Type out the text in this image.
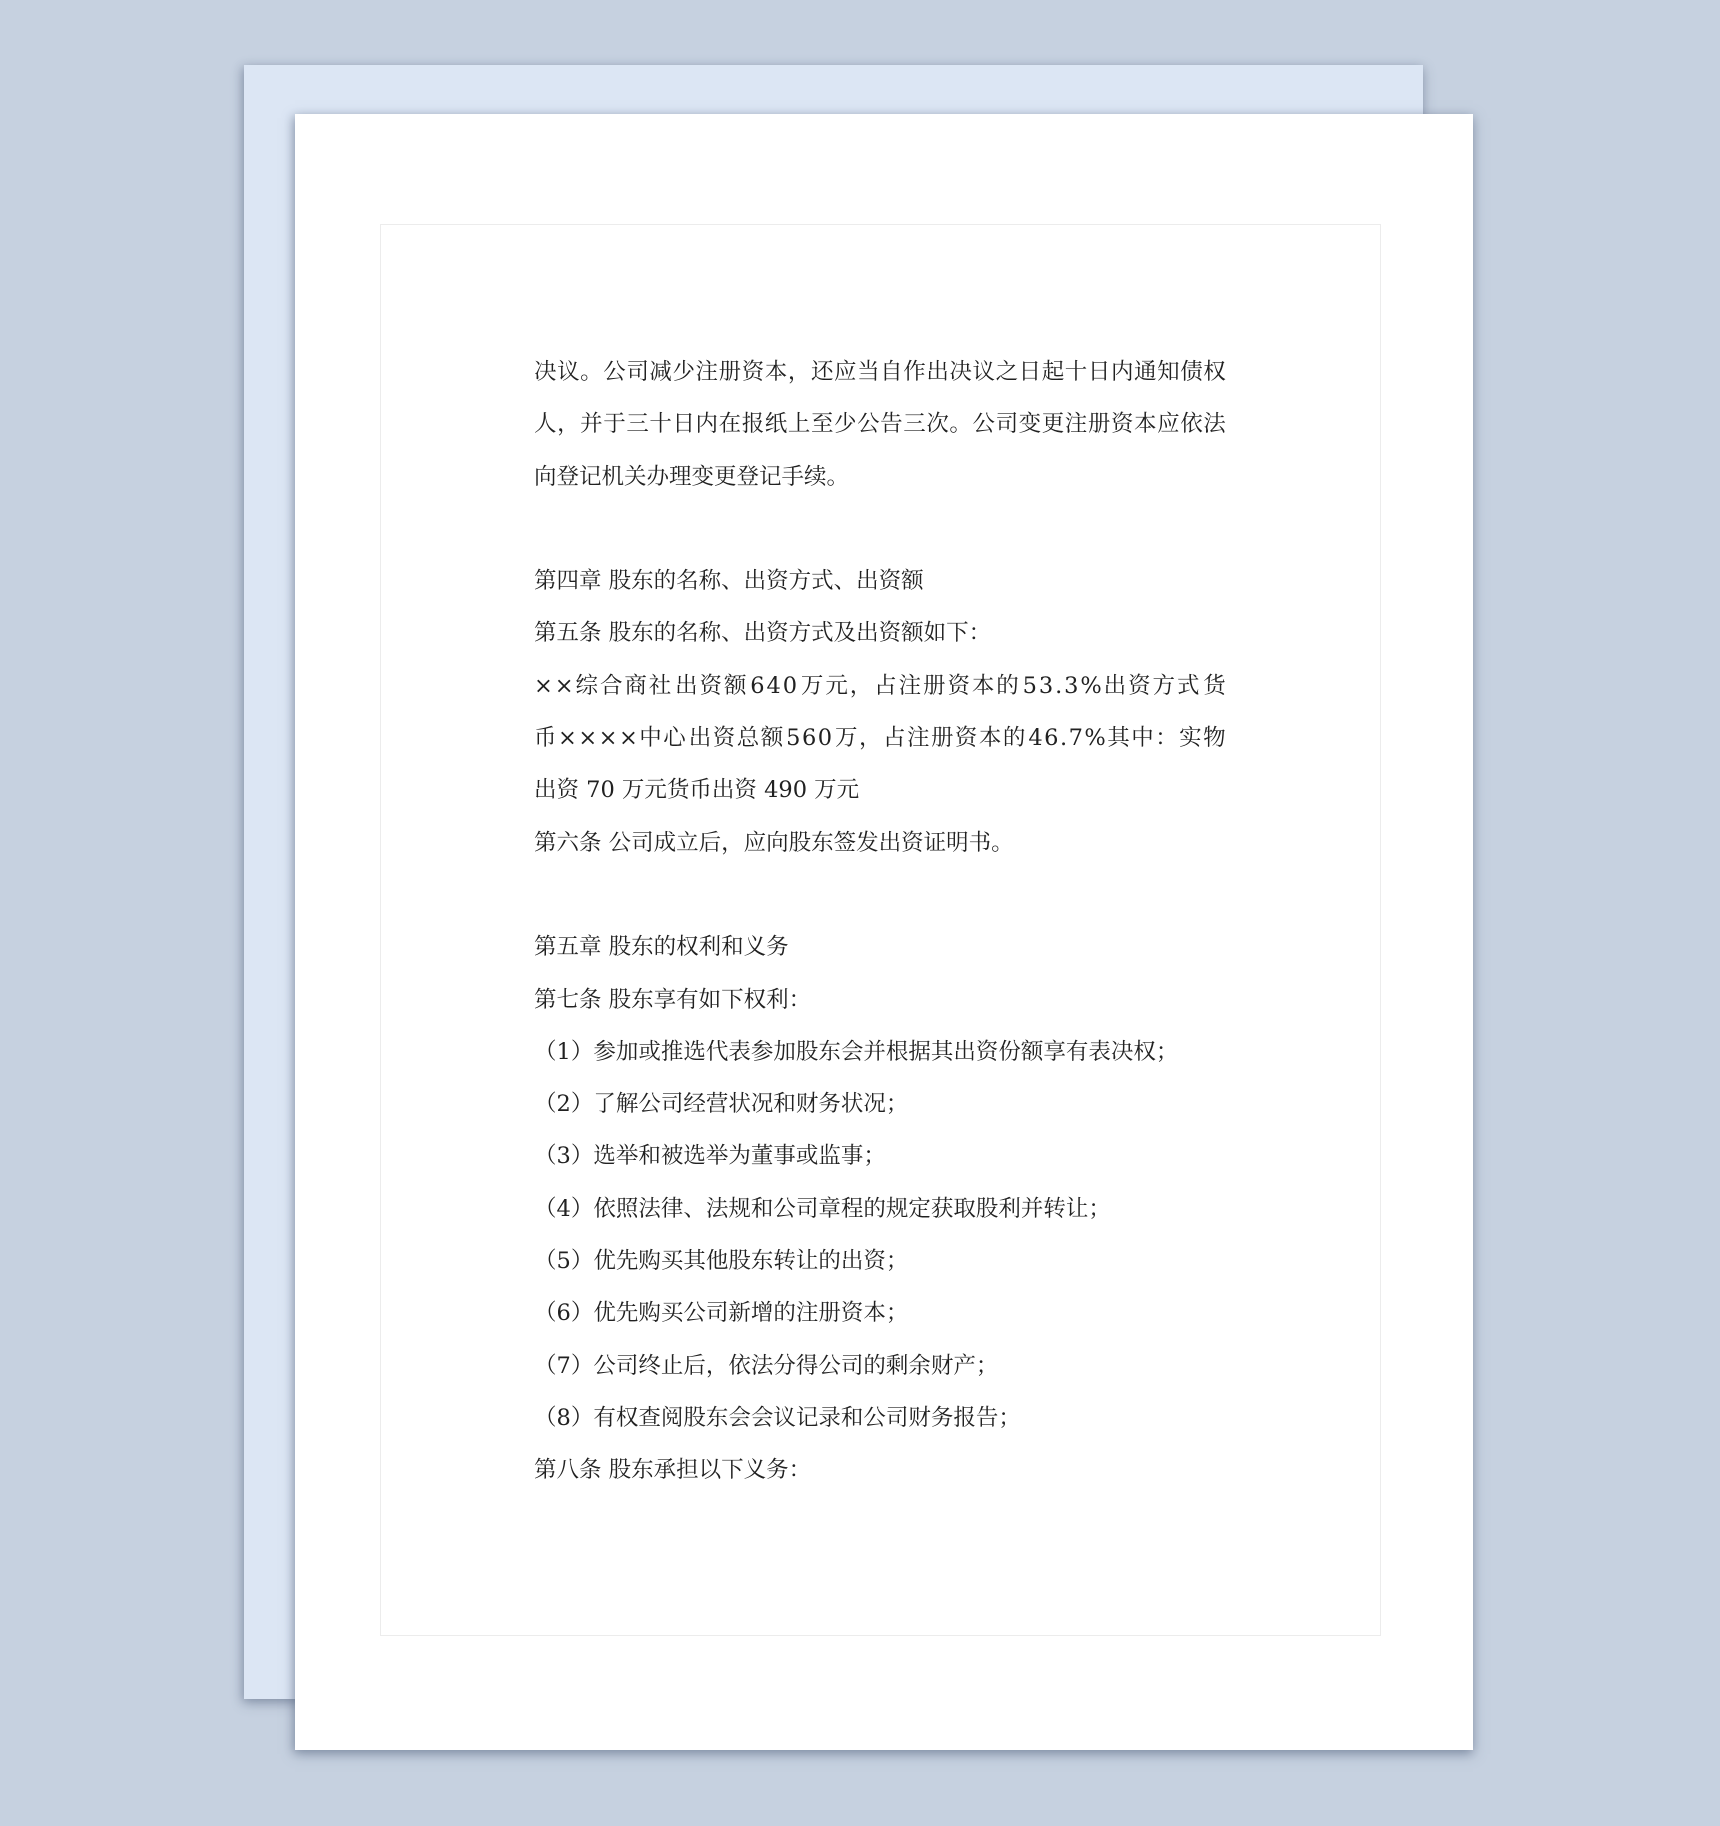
决 议 。 公 司 减 少 注 册 资 本 ， 还 应 当 自 作 出 决 议 之 日 起 十 日 内 通 知 债 权
人 ， 并 于 三 十 日 内 在 报 纸 上 至 少 公 告 三 次 。 公 司 变 更 注 册 资 本 应 依 法
向登记机关办理变更登记手续。

第四章 股东的名称、出资方式、出资额
第五条 股东的名称、出资方式及出资额如下：
× × 综 合 商 社 出 资 额 6 4 0 万 元 ， 占 注 册 资 本 的 5 3 . 3 % 出 资 方 式 货
币 × × × × 中 心 出 资 总 额 5 6 0 万 ， 占 注 册 资 本 的 4 6 . 7 % 其 中 ： 实 物
出资 70 万元货币出资 490 万元
第六条 公司成立后，应向股东签发出资证明书。

第五章 股东的权利和义务
第七条 股东享有如下权利：
（1）参加或推选代表参加股东会并根据其出资份额享有表决权；
（2）了解公司经营状况和财务状况；
（3）选举和被选举为董事或监事；
（4）依照法律、法规和公司章程的规定获取股利并转让；
（5）优先购买其他股东转让的出资；
（6）优先购买公司新增的注册资本；
（7）公司终止后，依法分得公司的剩余财产；
（8）有权查阅股东会会议记录和公司财务报告；
第八条 股东承担以下义务：
